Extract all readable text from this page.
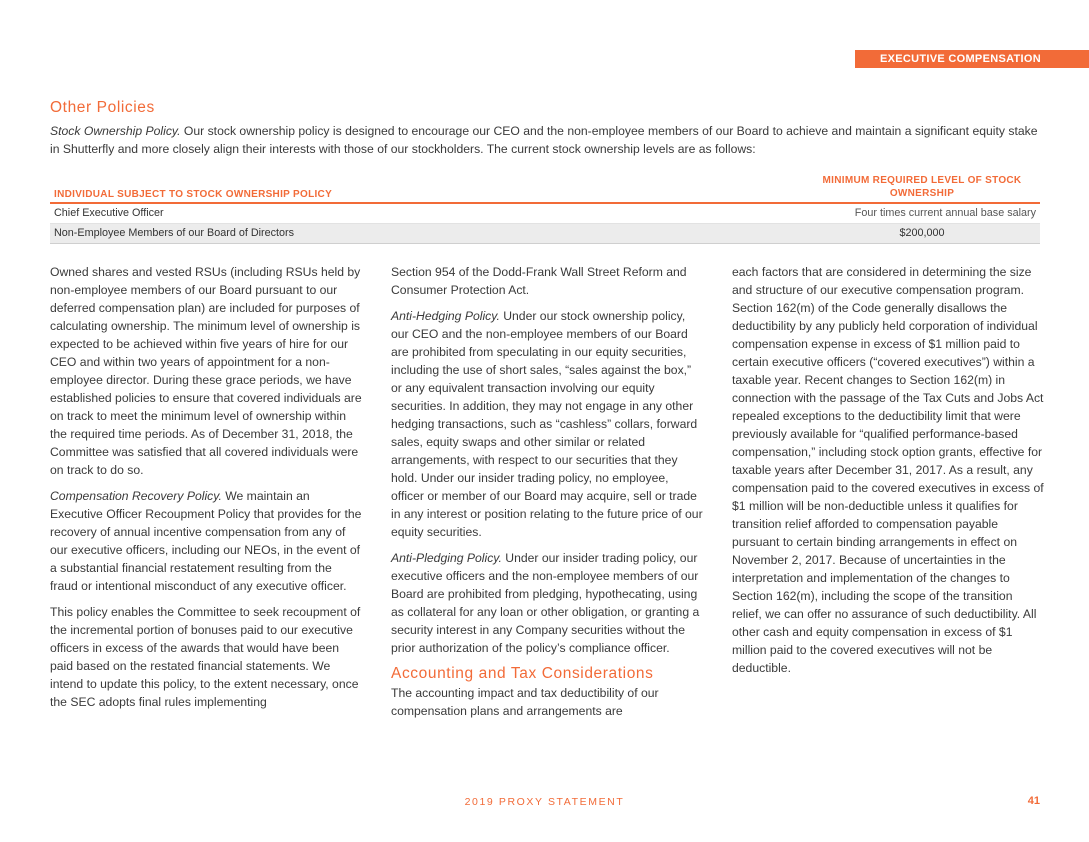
EXECUTIVE COMPENSATION
Other Policies

Stock Ownership Policy. Our stock ownership policy is designed to encourage our CEO and the non-employee members of our Board to achieve and maintain a significant equity stake in Shutterfly and more closely align their interests with those of our stockholders. The current stock ownership levels are as follows:

INDIVIDUAL SUBJECT TO STOCK OWNERSHIP POLICY
MINIMUM REQUIRED LEVEL OF STOCK OWNERSHIP
Chief Executive Officer	Four times current annual base salary
Non-Employee Members of our Board of Directors	$200,000

Owned shares and vested RSUs (including RSUs held by non-employee members of our Board pursuant to our deferred compensation plan) are included for purposes of calculating ownership. The minimum level of ownership is expected to be achieved within five years of hire for our CEO and within two years of appointment for a non-employee director. During these grace periods, we have established policies to ensure that covered individuals are on track to meet the minimum level of ownership within the required time periods. As of December 31, 2018, the Committee was satisfied that all covered individuals were on track to do so.

Compensation Recovery Policy. We maintain an Executive Officer Recoupment Policy that provides for the recovery of annual incentive compensation from any of our executive officers, including our NEOs, in the event of a substantial financial restatement resulting from the fraud or intentional misconduct of any executive officer.

This policy enables the Committee to seek recoupment of the incremental portion of bonuses paid to our executive officers in excess of the awards that would have been paid based on the restated financial statements. We intend to update this policy, to the extent necessary, once the SEC adopts final rules implementing

Section 954 of the Dodd-Frank Wall Street Reform and Consumer Protection Act.

Anti-Hedging Policy. Under our stock ownership policy, our CEO and the non-employee members of our Board are prohibited from speculating in our equity securities, including the use of short sales, “sales against the box,” or any equivalent transaction involving our equity securities. In addition, they may not engage in any other hedging transactions, such as “cashless” collars, forward sales, equity swaps and other similar or related arrangements, with respect to our securities that they hold. Under our insider trading policy, no employee, officer or member of our Board may acquire, sell or trade in any interest or position relating to the future price of our equity securities.

Anti-Pledging Policy. Under our insider trading policy, our executive officers and the non-employee members of our Board are prohibited from pledging, hypothecating, using as collateral for any loan or other obligation, or granting a security interest in any Company securities without the prior authorization of the policy’s compliance officer.

Accounting and Tax Considerations

The accounting impact and tax deductibility of our compensation plans and arrangements are

each factors that are considered in determining the size and structure of our executive compensation program. Section 162(m) of the Code generally disallows the deductibility by any publicly held corporation of individual compensation expense in excess of $1 million paid to certain executive officers (“covered executives”) within a taxable year. Recent changes to Section 162(m) in connection with the passage of the Tax Cuts and Jobs Act repealed exceptions to the deductibility limit that were previously available for “qualified performance-based compensation,” including stock option grants, effective for taxable years after December 31, 2017. As a result, any compensation paid to the covered executives in excess of $1 million will be non-deductible unless it qualifies for transition relief afforded to compensation payable pursuant to certain binding arrangements in effect on November 2, 2017. Because of uncertainties in the interpretation and implementation of the changes to Section 162(m), including the scope of the transition relief, we can offer no assurance of such deductibility. All other cash and equity compensation in excess of $1 million paid to the covered executives will not be deductible.

2019 PROXY STATEMENT	41
